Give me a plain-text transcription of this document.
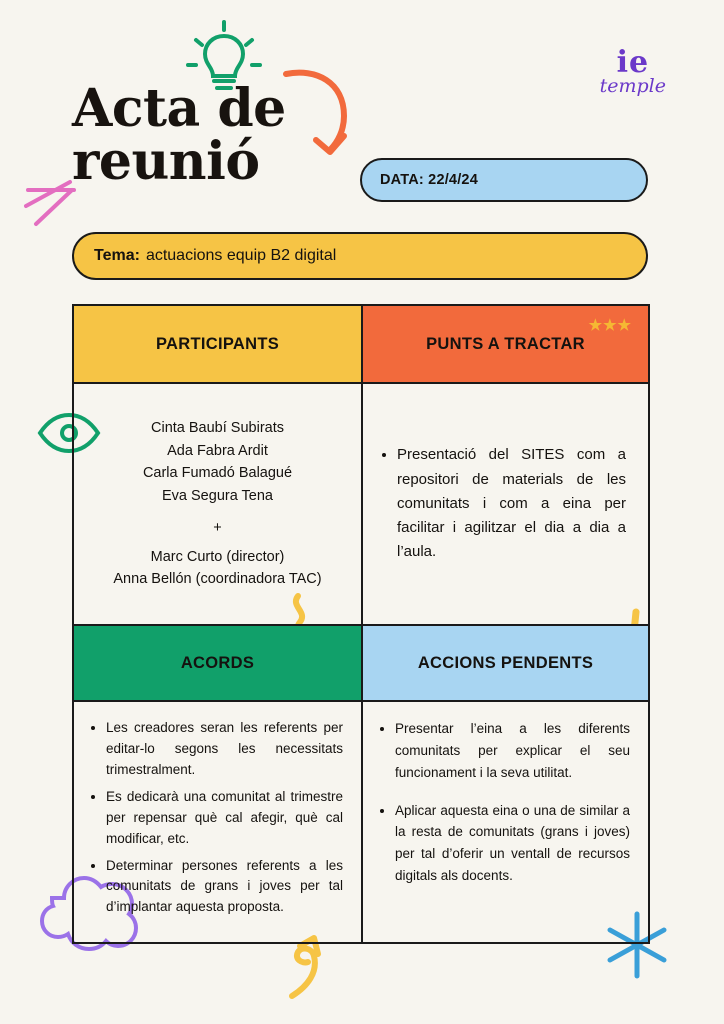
Acta de reunió
ie
temple
DATA: 22/4/24
Tema: actuacions equip B2 digital
PARTICIPANTS	PUNTS A TRACTAR
★★★
Cinta Baubí Subirats
Ada Fabra Ardit
Carla Fumadó Balagué
Eva Segura Tena
+
Marc Curto (director)
Anna Bellón (coordinadora TAC)
• Presentació del SITES com a repositori de materials de les comunitats i com a eina per facilitar i agilitzar el dia a dia a l’aula.
ACORDS	ACCIONS PENDENTS
• Les creadores seran les referents per editar-lo segons les necessitats trimestralment.
• Es dedicarà una comunitat al trimestre per repensar què cal afegir, què cal modificar, etc.
• Determinar persones referents a les comunitats de grans i joves per tal d’implantar aquesta proposta.
• Presentar l’eina a les diferents comunitats per explicar el seu funcionament i la seva utilitat.
• Aplicar aquesta eina o una de similar a la resta de comunitats (grans i joves) per tal d’oferir un ventall de recursos digitals als docents.
